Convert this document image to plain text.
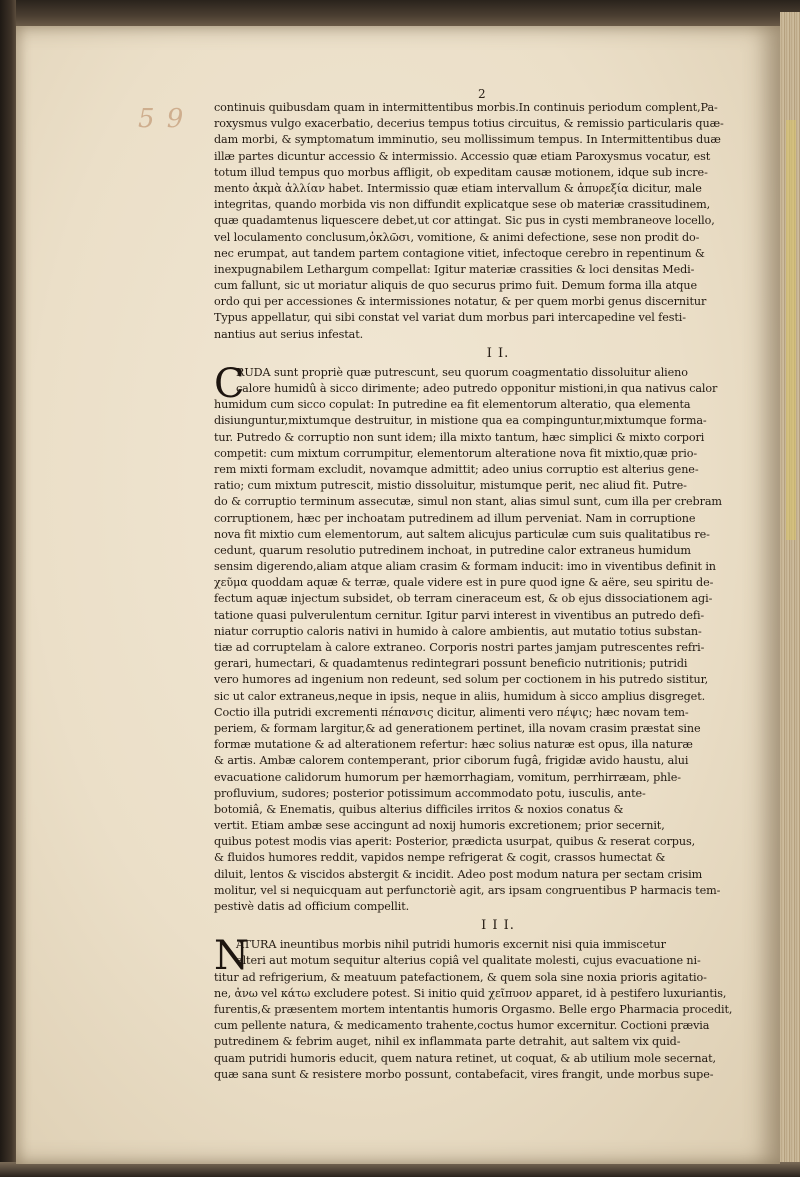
5 9
2
continuis quibusdam quam in intermittentibus morbis.In continuis periodum complent,Pa-
roxysmus vulgo exacerbatio, decerius tempus totius circuitus, & remissio particularis quæ-
dam morbi, & symptomatum imminutio, seu mollissimum tempus. In Intermittentibus duæ
illæ partes dicuntur accessio & intermissio. Accessio quæ etiam Paroxysmus vocatur, est
totum illud tempus quo morbus affligit, ob expeditam causæ motionem, idque sub incre-
mento ἀκμὰ ἀλλίαν habet. Intermissio quæ etiam intervallum & ἀπυρεξία dicitur, male
integritas, quando morbida vis non diffundit explicatque sese ob materiæ crassitudinem,
quæ quadamtenus liquescere debet,ut cor attingat. Sic pus in cysti membraneove locello,
vel loculamento conclusum,ὀκλῶσι, vomitione, & animi defectione, sese non prodit do-
nec erumpat, aut tandem partem contagione vitiet, infectoque cerebro in repentinum &
inexpugnabilem Lethargum compellat: Igitur materiæ crassities & loci densitas Medi-
cum fallunt, sic ut moriatur aliquis de quo securus primo fuit. Demum forma illa atque
ordo qui per accessiones & intermissiones notatur, & per quem morbi genus discernitur
Typus appellatur, qui sibi constat vel variat dum morbus pari intercapedine vel festi-
nantius aut serius infestat.
I I.
C
RUDA sunt propriè quæ putrescunt, seu quorum coagmentatio dissoluitur alieno
calore humidû à sicco dirimente; adeo putredo opponitur mistioni,in qua nativus calor
humidum cum sicco copulat: In putredine ea fit elementorum alteratio, qua elementa
disiunguntur,mixtumque destruitur, in mistione qua ea compinguntur,mixtumque forma-
tur. Putredo & corruptio non sunt idem; illa mixto tantum, hæc simplici & mixto corpori
competit: cum mixtum corrumpitur, elementorum alteratione nova fit mixtio,quæ prio-
rem mixti formam excludit, novamque admittit; adeo unius corruptio est alterius gene-
ratio; cum mixtum putrescit, mistio dissoluitur, mistumque perit, nec aliud fit. Putre-
do & corruptio terminum assecutæ, simul non stant, alias simul sunt, cum illa per crebram
corruptionem, hæc per inchoatam putredinem ad illum perveniat. Nam in corruptione
nova fit mixtio cum elementorum, aut saltem alicujus particulæ cum suis qualitatibus re-
cedunt, quarum resolutio putredinem inchoat, in putredine calor extraneus humidum
sensim digerendo,aliam atque aliam crasim & formam inducit: imo in viventibus definit in
χεῦμα quoddam aquæ & terræ, quale videre est in pure quod igne & aëre, seu spiritu de-
fectum aquæ injectum subsidet, ob terram cineraceum est, & ob ejus dissociationem agi-
tatione quasi pulverulentum cernitur. Igitur parvi interest in viventibus an putredo defi-
niatur corruptio caloris nativi in humido à calore ambientis, aut mutatio totius substan-
tiæ ad corruptelam à calore extraneo. Corporis nostri partes jamjam putrescentes refri-
gerari, humectari, & quadamtenus redintegrari possunt beneficio nutritionis; putridi
vero humores ad ingenium non redeunt, sed solum per coctionem in his putredo sistitur,
sic ut calor extraneus,neque in ipsis, neque in aliis, humidum à sicco amplius disgreget.
Coctio illa putridi excrementi πέπανσις dicitur, alimenti vero πέψις; hæc novam tem-
periem, & formam largitur,& ad generationem pertinet, illa novam crasim præstat sine
formæ mutatione & ad alterationem refertur: hæc solius naturæ est opus, illa naturæ
& artis. Ambæ calorem contemperant, prior ciborum fugâ, frigidæ avido haustu, alui
evacuatione calidorum humorum per hæmorrhagiam, vomitum, perrhirræam, phle-
profluvium, sudores; posterior potissimum accommodato potu, iusculis, ante-
botomiâ, & Enematis, quibus alterius difficiles irritos & noxios conatus &
vertit. Etiam ambæ sese accingunt ad noxij humoris excretionem; prior secernit,
quibus potest modis vias aperit: Posterior, prædicta usurpat, quibus & reserat corpus,
& fluidos humores reddit, vapidos nempe refrigerat & cogit, crassos humectat &
diluit, lentos & viscidos abstergit & incidit. Adeo post modum natura per sectam crisim
molitur, vel si nequicquam aut perfunctoriè agit, ars ipsam congruentibus P harmacis tem-
pestivè datis ad officium compellit.
I I I.
N
ATURA ineuntibus morbis nihil putridi humoris excernit nisi quia immiscetur
alteri aut motum sequitur alterius copiâ vel qualitate molesti, cujus evacuatione ni-
titur ad refrigerium, & meatuum patefactionem, & quem sola sine noxia prioris agitatio-
ne, ἀνω vel κάτω excludere potest. Si initio quid χεῖπυον apparet, id à pestifero luxuriantis,
furentis,& præsentem mortem intentantis humoris Orgasmo. Belle ergo Pharmacia procedit,
cum pellente natura, & medicamento trahente,coctus humor excernitur. Coctioni prævia
putredinem & febrim auget, nihil ex inflammata parte detrahit, aut saltem vix quid-
quam putridi humoris educit, quem natura retinet, ut coquat, & ab utilium mole secernat,
quæ sana sunt & resistere morbo possunt, contabefacit, vires frangit, unde morbus supe-
